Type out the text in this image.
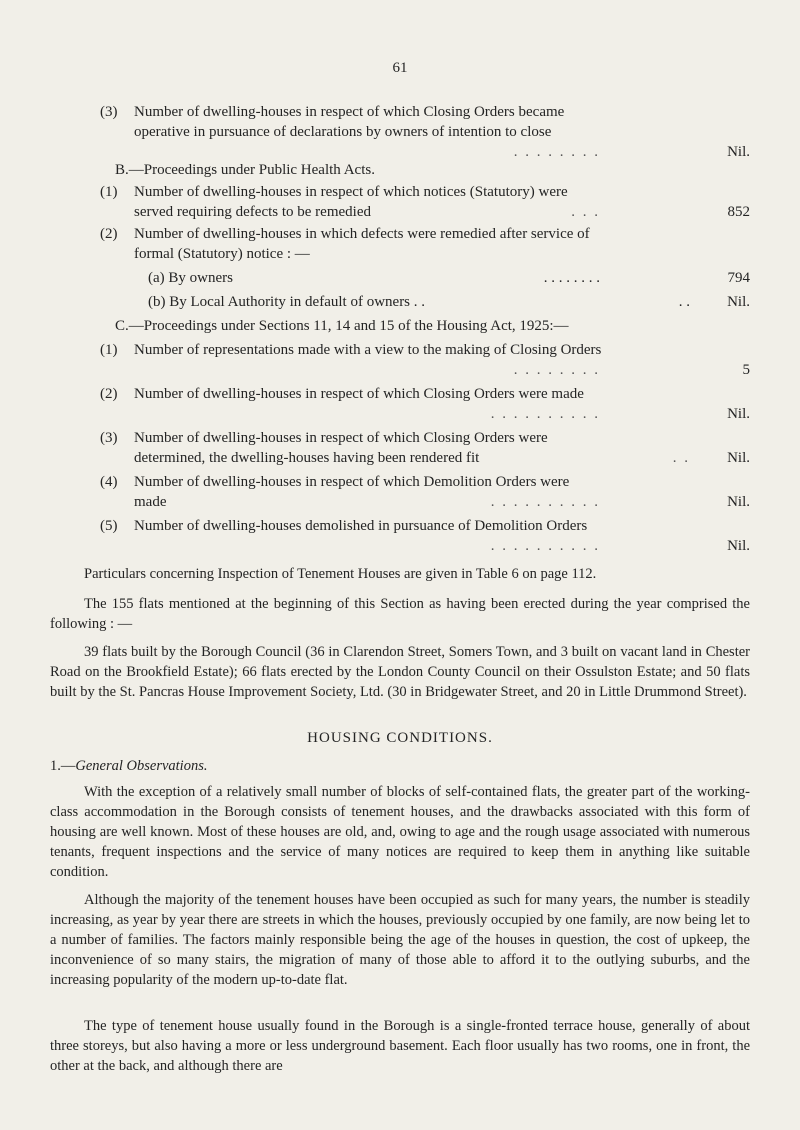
61
(3) Number of dwelling-houses in respect of which Closing Orders became operative in pursuance of declarations by owners of intention to close
. . . . . . . .	Nil.
B.—Proceedings under Public Health Acts.
(1) Number of dwelling-houses in respect of which notices (Statutory) were served requiring defects to be remedied	. . .	852
(2) Number of dwelling-houses in which defects were remedied after service of formal (Statutory) notice : —
(a) By owners	. . . . . . . .	794
(b) By Local Authority in default of owners . .	. . Nil.
C.—Proceedings under Sections 11, 14 and 15 of the Housing Act, 1925:—
(1) Number of representations made with a view to the making of Closing Orders
. . . . . . . .	5
(2) Number of dwelling-houses in respect of which Closing Orders were made
. . . . . . . . . .	Nil.
(3) Number of dwelling-houses in respect of which Closing Orders were determined, the dwelling-houses having been rendered fit	. . Nil.
(4) Number of dwelling-houses in respect of which Demolition Orders were made	. . . . . . . . . .	Nil.
(5) Number of dwelling-houses demolished in pursuance of Demolition Orders
. . . . . . . . . .	Nil.
Particulars concerning Inspection of Tenement Houses are given in Table 6 on page 112.
The 155 flats mentioned at the beginning of this Section as having been erected during the year comprised the following : —
39 flats built by the Borough Council (36 in Clarendon Street, Somers Town, and 3 built on vacant land in Chester Road on the Brookfield Estate); 66 flats erected by the London County Council on their Ossulston Estate; and 50 flats built by the St. Pancras House Improvement Society, Ltd. (30 in Bridgewater Street, and 20 in Little Drummond Street).
HOUSING CONDITIONS.
1.—General Observations.
With the exception of a relatively small number of blocks of self-contained flats, the greater part of the working-class accommodation in the Borough consists of tenement houses, and the drawbacks associated with this form of housing are well known. Most of these houses are old, and, owing to age and the rough usage associated with numerous tenants, frequent inspections and the service of many notices are required to keep them in anything like suitable condition.
Although the majority of the tenement houses have been occupied as such for many years, the number is steadily increasing, as year by year there are streets in which the houses, previously occupied by one family, are now being let to a number of families. The factors mainly responsible being the age of the houses in question, the cost of upkeep, the inconvenience of so many stairs, the migration of many of those able to afford it to the outlying suburbs, and the increasing popularity of the modern up-to-date flat.
The type of tenement house usually found in the Borough is a single-fronted terrace house, generally of about three storeys, but also having a more or less underground basement. Each floor usually has two rooms, one in front, the other at the back, and although there are
